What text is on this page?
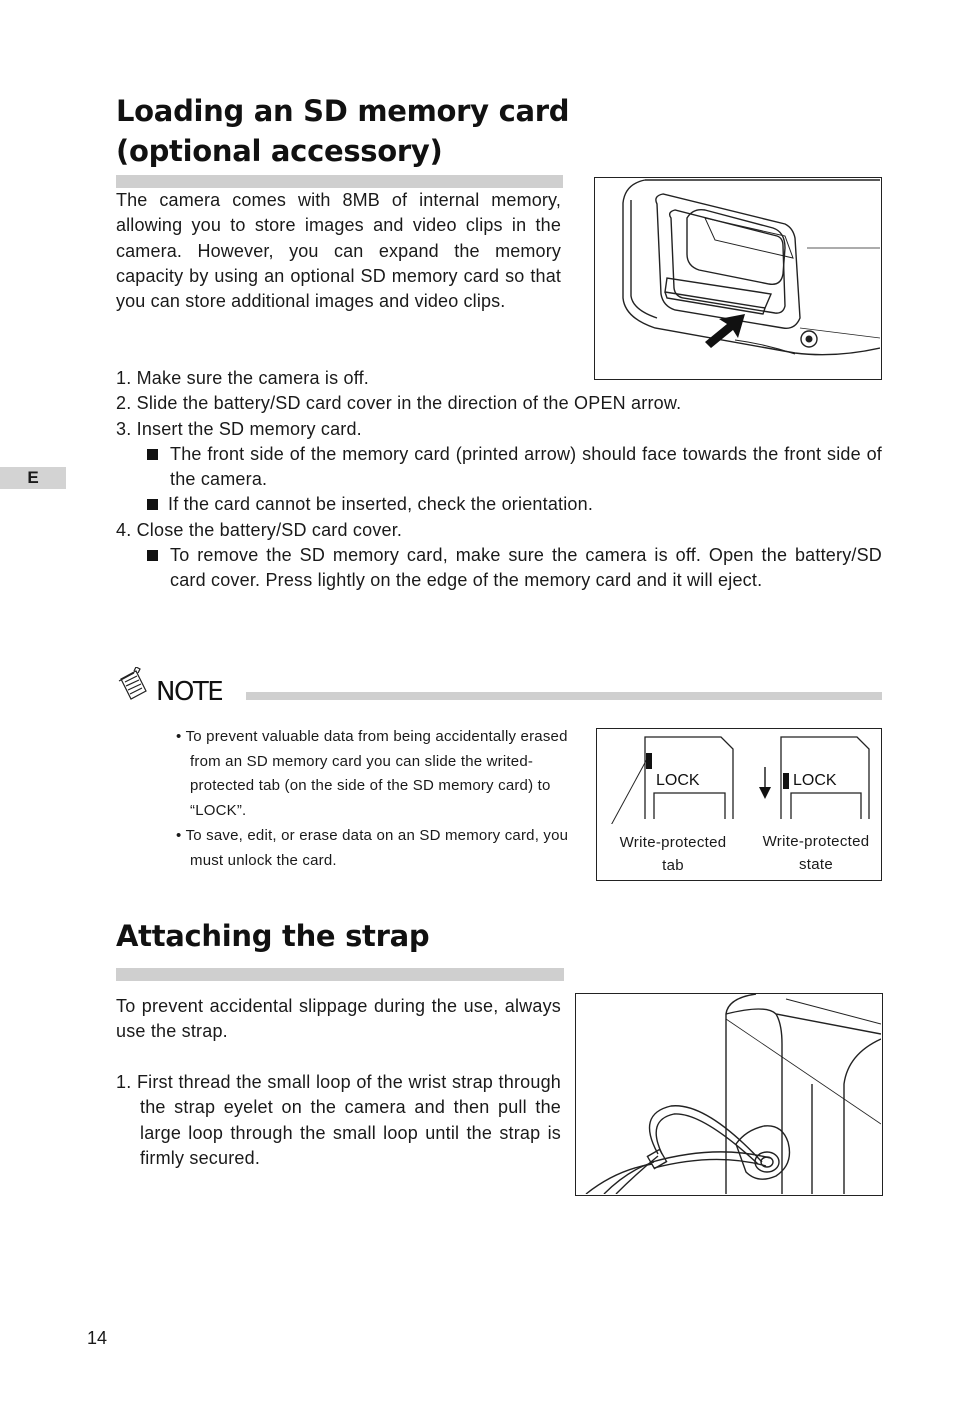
Loading an SD memory card
(optional accessory)
The camera comes with 8MB of internal memory, allowing you to store images and video clips in the camera. However, you can expand the memory capacity by using an optional SD memory card so that you can store additional images and video clips.
1. Make sure the camera is off.
2. Slide the battery/SD card cover in the direction of the OPEN arrow.
3. Insert the SD memory card.
The front side of the memory card (printed arrow) should face towards the front side of the camera.
If the card cannot be inserted, check the orientation.
4. Close the battery/SD card cover.
To remove the SD memory card, make sure the camera is off. Open the battery/SD card cover. Press lightly on the edge of the memory card and it will eject.
E
NOTE
• To prevent valuable data from being accidentally erased from an SD memory card you can slide the writed-protected tab (on the side of the SD memory card) to “LOCK”.
• To save, edit, or erase data on an SD memory card, you must unlock the card.
LOCK	LOCK
Write-protected
tab
Write-protected
state
Attaching the strap
To prevent accidental slippage during the use, always use the strap.
1. First thread the small loop of the wrist strap through the strap eyelet on the camera and then pull the large loop through the small loop until the strap is firmly secured.
14
